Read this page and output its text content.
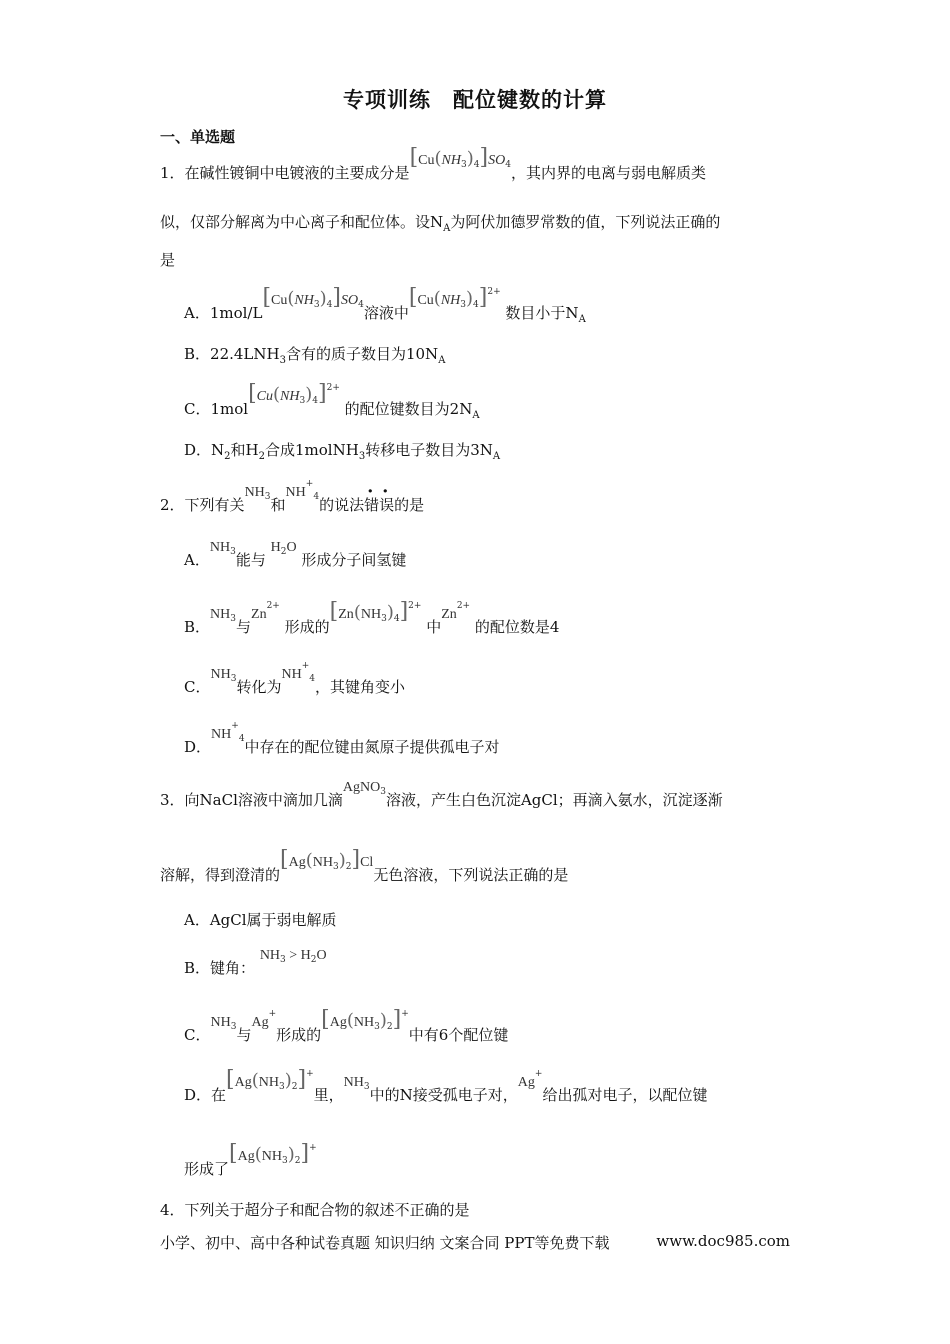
专项训练 配位键数的计算
一、单选题
1．在碱性镀铜中电镀液的主要成分是$[Cu(NH_3)_4]SO_4$，其内界的电离与弱电解质类
似，仅部分解离为中心离子和配位体。设$N_A$为阿伏加德罗常数的值，下列说法正确的
是
A．$1mol/L[Cu(NH_3)_4]SO_4$溶液中$[Cu(NH_3)_4]^{2+}$ 数目小于$N_A$
B．$22.4LNH_3$含有的质子数目为$10N_A$
C．$1mol[Cu(NH_3)_4]^{2+}$ 的配位键数目为$2N_A$
D．$N_2$和$H_2$合成1molNH$_3$转移电子数目为$3N_A$
2．下列有关$NH_3$和$NH^+_4$的说法错误的是
A．$NH_3$能与 $H_2O$ 形成分子间氢键
B．$NH_3$与$Zn^{2+}$ 形成的$[Zn(NH_3)_4]^{2+}$ 中$Zn^{2+}$ 的配位数是4
C．$NH_3$转化为$NH^+_4$，其键角变小
D．$NH^+_4$中存在的配位键由氮原子提供孤电子对
3．向NaCl溶液中滴加几滴AgNO$_3$溶液，产生白色沉淀AgCl；再滴入氨水，沉淀逐渐
溶解，得到澄清的$[Ag(NH_3)_2]Cl$无色溶液，下列说法正确的是
A．AgCl属于弱电解质
B．键角： $NH_3 > H_2O$
C．$NH_3$与Ag+形成的$[Ag(NH_3)_2]^+$中有6个配位键
D．在$[Ag(NH_3)_2]^+$里，$NH_3$中的N接受孤电子对，Ag+给出孤对电子，以配位键
形成了$[Ag(NH_3)_2]^+$
4．下列关于超分子和配合物的叙述不正确的是
小学、初中、高中各种试卷真题 知识归纳 文案合同 PPT等免费下载	www.doc985.com
